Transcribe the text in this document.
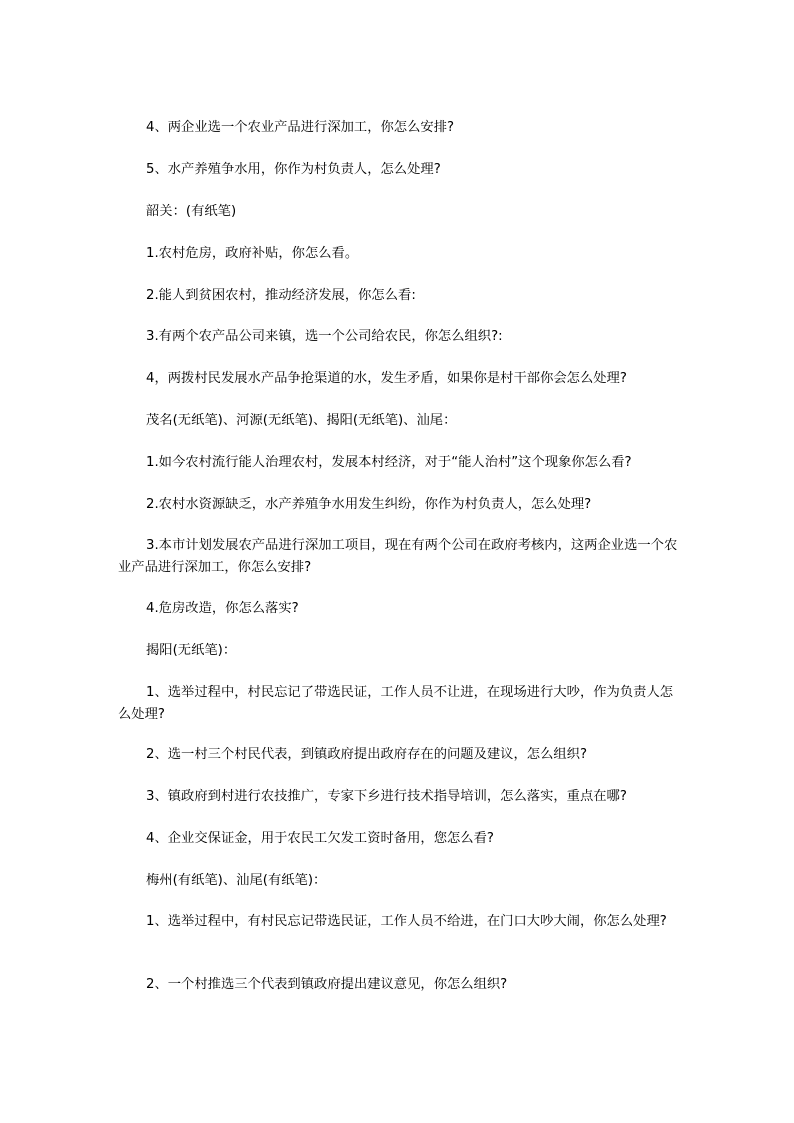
4、两企业选一个农业产品进行深加工，你怎么安排?

5、水产养殖争水用，你作为村负责人，怎么处理?

韶关：(有纸笔)

1.农村危房，政府补贴，你怎么看。

2.能人到贫困农村，推动经济发展，你怎么看:

3.有两个农产品公司来镇，选一个公司给农民，你怎么组织?:

4，两拨村民发展水产品争抢渠道的水，发生矛盾，如果你是村干部你会怎么处理?

茂名(无纸笔)、河源(无纸笔)、揭阳(无纸笔)、汕尾：

1.如今农村流行能人治理农村，发展本村经济，对于“能人治村”这个现象你怎么看?

2.农村水资源缺乏，水产养殖争水用发生纠纷，你作为村负责人，怎么处理?

3.本市计划发展农产品进行深加工项目，现在有两个公司在政府考核内，这两企业选一个农业产品进行深加工，你怎么安排?

4.危房改造，你怎么落实?

揭阳(无纸笔)：

1、选举过程中，村民忘记了带选民证，工作人员不让进，在现场进行大吵，作为负责人怎么处理?

2、选一村三个村民代表，到镇政府提出政府存在的问题及建议，怎么组织?

3、镇政府到村进行农技推广，专家下乡进行技术指导培训，怎么落实，重点在哪?

4、企业交保证金，用于农民工欠发工资时备用，您怎么看?

梅州(有纸笔)、汕尾(有纸笔)：

1、选举过程中，有村民忘记带选民证，工作人员不给进，在门口大吵大闹，你怎么处理?

2、一个村推选三个代表到镇政府提出建议意见，你怎么组织?
